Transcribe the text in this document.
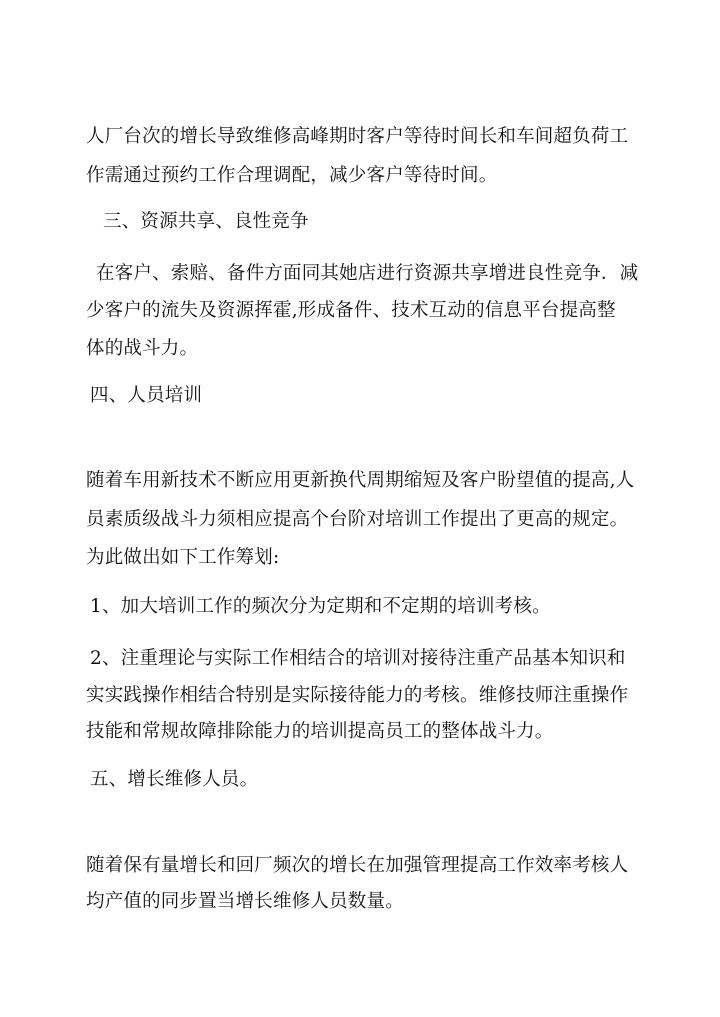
人厂台次的增长导致维修高峰期时客户等待时间长和车间超负荷工
作需通过预约工作合理调配，减少客户等待时间。
三、资源共享、良性竞争
在客户、索赔、备件方面同其她店进行资源共享增进良性竞争．减
少客户的流失及资源挥霍,形成备件、技术互动的信息平台提高整
体的战斗力。
四、人员培训
随着车用新技术不断应用更新换代周期缩短及客户盼望值的提高,人
员素质级战斗力须相应提高个台阶对培训工作提出了更高的规定。
为此做出如下工作筹划:
1、加大培训工作的频次分为定期和不定期的培训考核。
2、注重理论与实际工作相结合的培训对接待注重产品基本知识和
实实践操作相结合特别是实际接待能力的考核。维修技师注重操作
技能和常规故障排除能力的培训提高员工的整体战斗力。
五、增长维修人员。
随着保有量增长和回厂频次的增长在加强管理提高工作效率考核人
均产值的同步置当增长维修人员数量。
